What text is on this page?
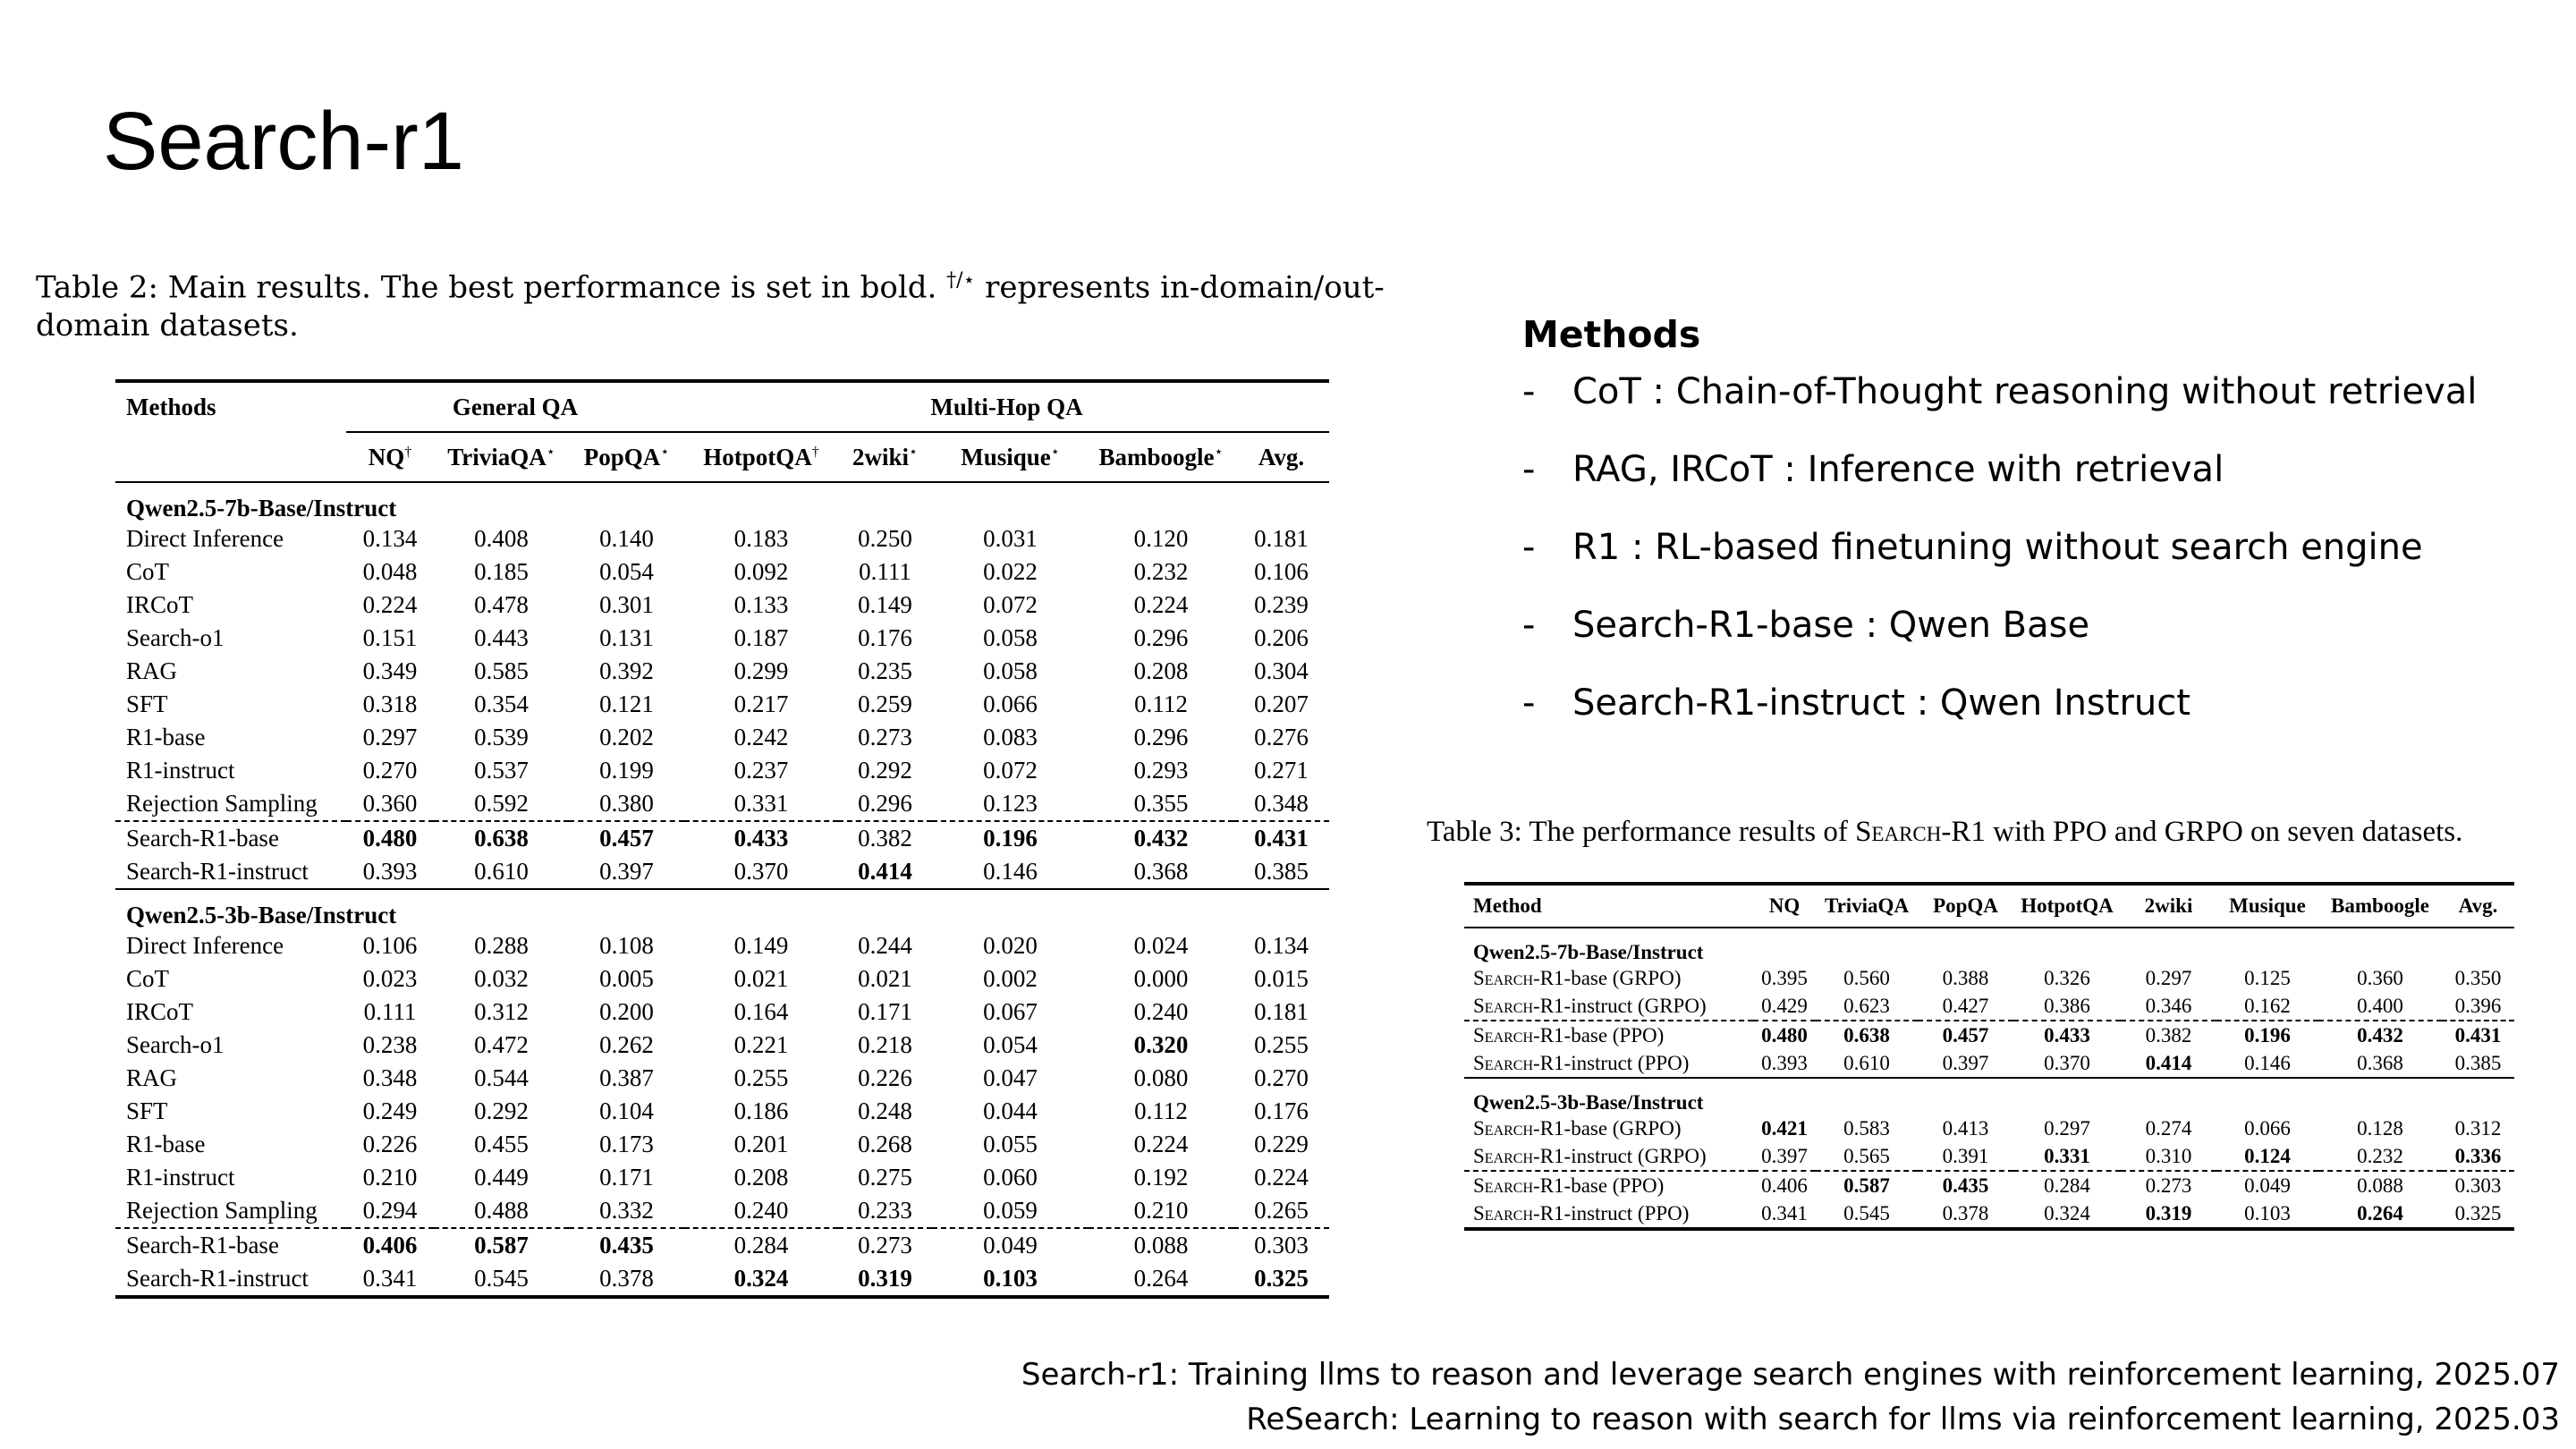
Search-r1
Table 2: Main results. The best performance is set in bold. †/⋆ represents in-domain/out-domain datasets.
Methods	General QA			Multi-Hop QA				
	NQ†	TriviaQA⋆	PopQA⋆	HotpotQA†	2wiki⋆	Musique⋆	Bamboogle⋆	Avg.
Qwen2.5-7b-Base/Instruct								
Direct Inference	0.134	0.408	0.140	0.183	0.250	0.031	0.120	0.181
CoT	0.048	0.185	0.054	0.092	0.111	0.022	0.232	0.106
IRCoT	0.224	0.478	0.301	0.133	0.149	0.072	0.224	0.239
Search-o1	0.151	0.443	0.131	0.187	0.176	0.058	0.296	0.206
RAG	0.349	0.585	0.392	0.299	0.235	0.058	0.208	0.304
SFT	0.318	0.354	0.121	0.217	0.259	0.066	0.112	0.207
R1-base	0.297	0.539	0.202	0.242	0.273	0.083	0.296	0.276
R1-instruct	0.270	0.537	0.199	0.237	0.292	0.072	0.293	0.271
Rejection Sampling	0.360	0.592	0.380	0.331	0.296	0.123	0.355	0.348
Search-R1-base	0.480	0.638	0.457	0.433	0.382	0.196	0.432	0.431
Search-R1-instruct	0.393	0.610	0.397	0.370	0.414	0.146	0.368	0.385
Qwen2.5-3b-Base/Instruct								
Direct Inference	0.106	0.288	0.108	0.149	0.244	0.020	0.024	0.134
CoT	0.023	0.032	0.005	0.021	0.021	0.002	0.000	0.015
IRCoT	0.111	0.312	0.200	0.164	0.171	0.067	0.240	0.181
Search-o1	0.238	0.472	0.262	0.221	0.218	0.054	0.320	0.255
RAG	0.348	0.544	0.387	0.255	0.226	0.047	0.080	0.270
SFT	0.249	0.292	0.104	0.186	0.248	0.044	0.112	0.176
R1-base	0.226	0.455	0.173	0.201	0.268	0.055	0.224	0.229
R1-instruct	0.210	0.449	0.171	0.208	0.275	0.060	0.192	0.224
Rejection Sampling	0.294	0.488	0.332	0.240	0.233	0.059	0.210	0.265
Search-R1-base	0.406	0.587	0.435	0.284	0.273	0.049	0.088	0.303
Search-R1-instruct	0.341	0.545	0.378	0.324	0.319	0.103	0.264	0.325
Methods
-	CoT : Chain-of-Thought reasoning without retrieval
-	RAG, IRCoT : Inference with retrieval
-	R1 : RL-based finetuning without search engine
-	Search-R1-base : Qwen Base
-	Search-R1-instruct : Qwen Instruct
Table 3: The performance results of Search-R1 with PPO and GRPO on seven datasets.
Method	NQ	TriviaQA	PopQA	HotpotQA	2wiki	Musique	Bamboogle	Avg.
Qwen2.5-7b-Base/Instruct								
Search-R1-base (GRPO)	0.395	0.560	0.388	0.326	0.297	0.125	0.360	0.350
Search-R1-instruct (GRPO)	0.429	0.623	0.427	0.386	0.346	0.162	0.400	0.396
Search-R1-base (PPO)	0.480	0.638	0.457	0.433	0.382	0.196	0.432	0.431
Search-R1-instruct (PPO)	0.393	0.610	0.397	0.370	0.414	0.146	0.368	0.385
Qwen2.5-3b-Base/Instruct								
Search-R1-base (GRPO)	0.421	0.583	0.413	0.297	0.274	0.066	0.128	0.312
Search-R1-instruct (GRPO)	0.397	0.565	0.391	0.331	0.310	0.124	0.232	0.336
Search-R1-base (PPO)	0.406	0.587	0.435	0.284	0.273	0.049	0.088	0.303
Search-R1-instruct (PPO)	0.341	0.545	0.378	0.324	0.319	0.103	0.264	0.325
Search-r1: Training llms to reason and leverage search engines with reinforcement learning, 2025.07
ReSearch: Learning to reason with search for llms via reinforcement learning, 2025.03
